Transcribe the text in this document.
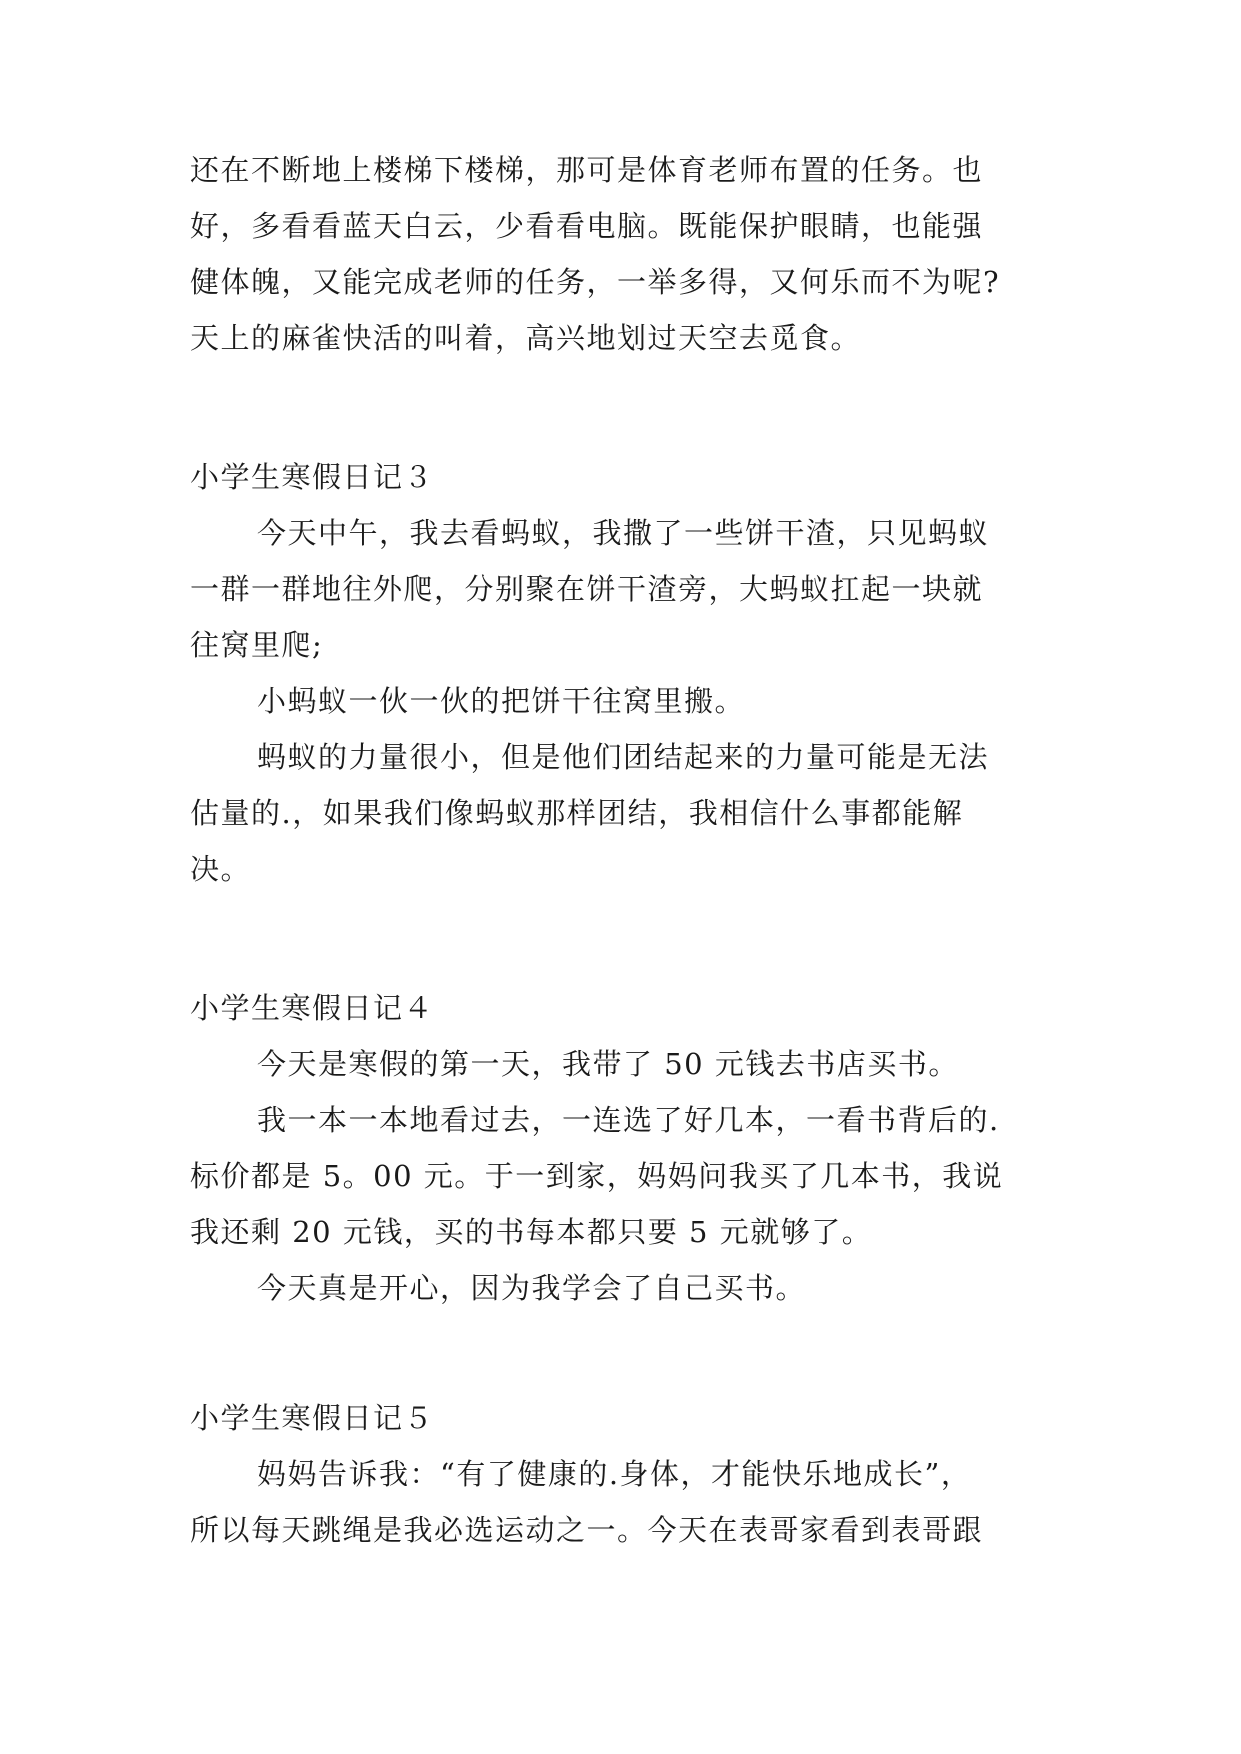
还在不断地上楼梯下楼梯，那可是体育老师布置的任务。也
好，多看看蓝天白云，少看看电脑。既能保护眼睛，也能强
健体魄，又能完成老师的任务，一举多得，又何乐而不为呢?
天上的麻雀快活的叫着，高兴地划过天空去觅食。
小学生寒假日记３
今天中午，我去看蚂蚁，我撒了一些饼干渣，只见蚂蚁
一群一群地往外爬，分别聚在饼干渣旁，大蚂蚁扛起一块就
往窝里爬;
小蚂蚁一伙一伙的把饼干往窝里搬。
蚂蚁的力量很小，但是他们团结起来的力量可能是无法
估量的.，如果我们像蚂蚁那样团结，我相信什么事都能解
决。
小学生寒假日记４
今天是寒假的第一天，我带了 50 元钱去书店买书。
我一本一本地看过去，一连选了好几本，一看书背后的.
标价都是 5。00 元。于一到家，妈妈问我买了几本书，我说
我还剩 20 元钱，买的书每本都只要 5 元就够了。
今天真是开心，因为我学会了自己买书。
小学生寒假日记５
妈妈告诉我：“有了健康的.身体，才能快乐地成长”，
所以每天跳绳是我必选运动之一。今天在表哥家看到表哥跟
